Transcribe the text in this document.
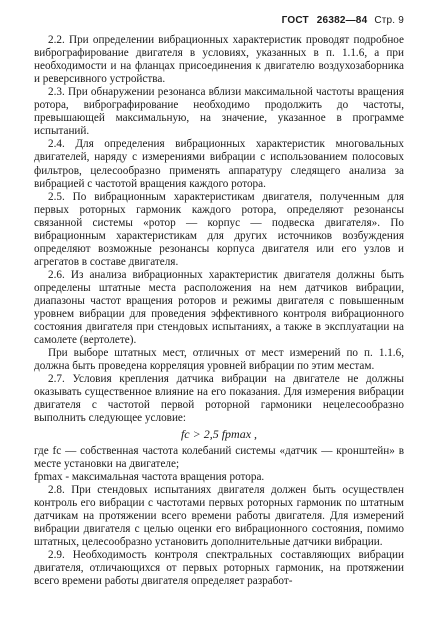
ГОСТ 26382—84 Стр. 9

2.2. При определении вибрационных характеристик проводят подробное вибрографирование двигателя в условиях, указанных в п. 1.1.6, а при необходимости и на фланцах присоединения к двигателю воздухозаборника и реверсивного устройства.

2.3. При обнаружении резонанса вблизи максимальной частоты вращения ротора, вибрографирование необходимо продолжить до частоты, превышающей максимальную, на значение, указанное в программе испытаний.

2.4. Для определения вибрационных характеристик многовальных двигателей, наряду с измерениями вибрации с использованием полосовых фильтров, целесообразно применять аппаратуру следящего анализа за вибрацией с частотой вращения каждого ротора.

2.5. По вибрационным характеристикам двигателя, полученным для первых роторных гармоник каждого ротора, определяют резонансы связанной системы «ротор — корпус — подвеска двигателя». По вибрационным характеристикам для других источников возбуждения определяют возможные резонансы корпуса двигателя или его узлов и агрегатов в составе двигателя.

2.6. Из анализа вибрационных характеристик двигателя должны быть определены штатные места расположения на нем датчиков вибрации, диапазоны частот вращения роторов и режимы двигателя с повышенным уровнем вибрации для проведения эффективного контроля вибрационного состояния двигателя при стендовых испытаниях, а также в эксплуатации на самолете (вертолете).

При выборе штатных мест, отличных от мест измерений по п. 1.1.6, должна быть проведена корреляция уровней вибрации по этим местам.

2.7. Условия крепления датчика вибрации на двигателе не должны оказывать существенное влияние на его показания. Для измерения вибрации двигателя с частотой первой роторной гармоники нецелесообразно выполнить следующее условие:

fc > 2,5 fpmax ,

где fc — собственная частота колебаний системы «датчик — кронштейн» в месте установки на двигателе;

fpmax - максимальная частота вращения ротора.

2.8. При стендовых испытаниях двигателя должен быть осуществлен контроль его вибрации с частотами первых роторных гармоник по штатным датчикам на протяжении всего времени работы двигателя. Для измерений вибрации двигателя с целью оценки его вибрационного состояния, помимо штатных, целесообразно установить дополнительные датчики вибрации.

2.9. Необходимость контроля спектральных составляющих вибрации двигателя, отличающихся от первых роторных гармоник, на протяжении всего времени работы двигателя определяет разработ-
